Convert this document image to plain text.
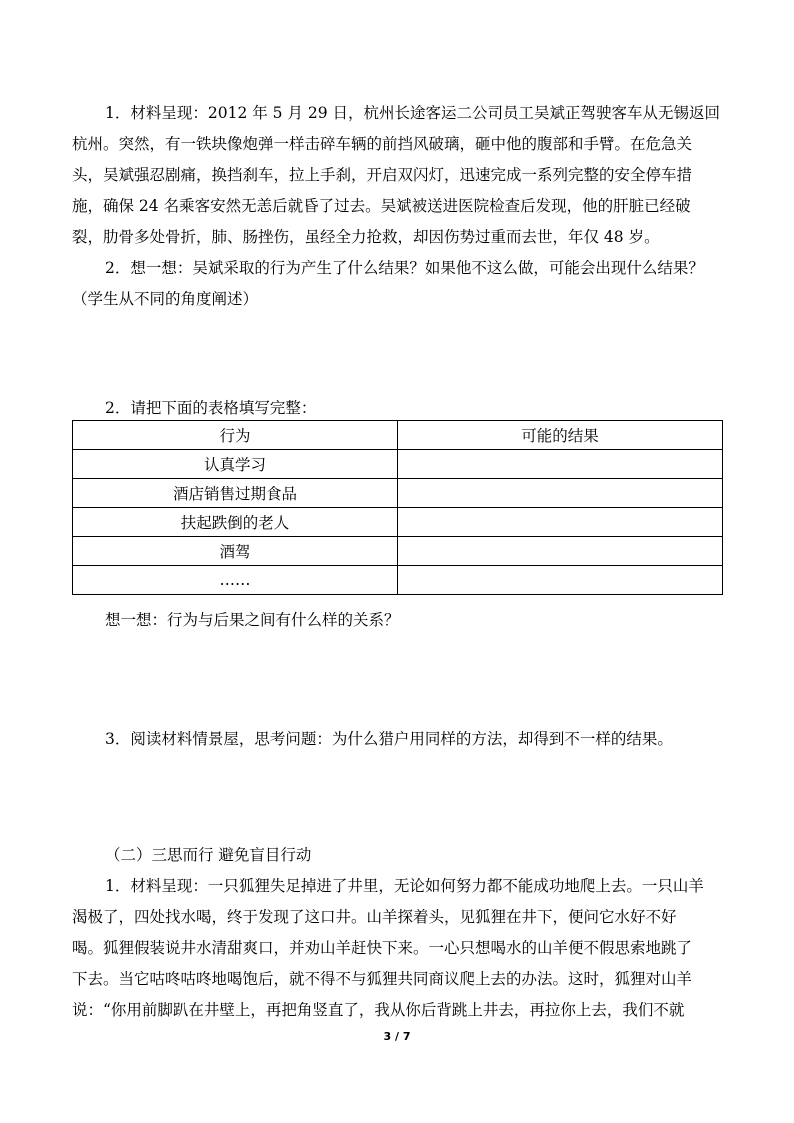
1．材料呈现：2012 年 5 月 29 日，杭州长途客运二公司员工吴斌正驾驶客车从无锡返回
杭州。突然，有一铁块像炮弹一样击碎车辆的前挡风破璃，砸中他的腹部和手臂。在危急关
头，吴斌强忍剧痛，换挡刹车，拉上手刹，开启双闪灯，迅速完成一系列完整的安全停车措
施，确保 24 名乘客安然无恙后就昏了过去。吴斌被送进医院检查后发现，他的肝脏已经破
裂，肋骨多处骨折，肺、肠挫伤，虽经全力抢救，却因伤势过重而去世，年仅 48 岁。

2．想一想：吴斌采取的行为产生了什么结果？如果他不这么做，可能会出现什么结果？
（学生从不同的角度阐述）

2．请把下面的表格填写完整：

行为	可能的结果
认真学习	
酒店销售过期食品	
扶起跌倒的老人	
酒驾	
……	

想一想：行为与后果之间有什么样的关系？

3．阅读材料情景屋，思考问题：为什么猎户用同样的方法，却得到不一样的结果。

（二）三思而行 避免盲目行动

1．材料呈现：一只狐狸失足掉进了井里，无论如何努力都不能成功地爬上去。一只山羊
渴极了，四处找水喝，终于发现了这口井。山羊探着头，见狐狸在井下，便问它水好不好
喝。狐狸假装说井水清甜爽口，并劝山羊赶快下来。一心只想喝水的山羊便不假思索地跳了
下去。当它咕咚咕咚地喝饱后，就不得不与狐狸共同商议爬上去的办法。这时，狐狸对山羊
说：“你用前脚趴在井壁上，再把角竖直了，我从你后背跳上井去，再拉你上去，我们不就

3 / 7
